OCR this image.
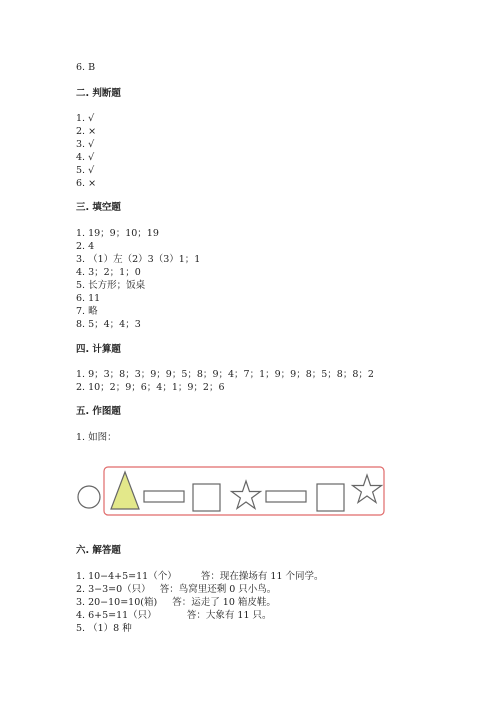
6. B
二. 判断题
1. √
2. ×
3. √
4. √
5. √
6. ×
三. 填空题
1. 19；9；10；19
2. 4
3. （1）左（2）3（3）1；1
4. 3；2；1；0
5. 长方形；饭桌
6. 11
7. 略
8. 5；4；4；3
四. 计算题
1. 9；3；8；3；9；9；5；8；9；4；7；1；9；9；8；5；8；8；2
2. 10；2；9；6；4；1；9；2；6
五. 作图题
1. 如图：
六. 解答题
1. 10−4+5=11（个）        答：现在操场有 11 个同学。
2. 3−3=0（只）   答：鸟窝里还剩 0 只小鸟。
3. 20−10=10(箱)     答：运走了 10 箱皮鞋。
4. 6+5=11（只）          答：大象有 11 只。
5. （1）8 种
